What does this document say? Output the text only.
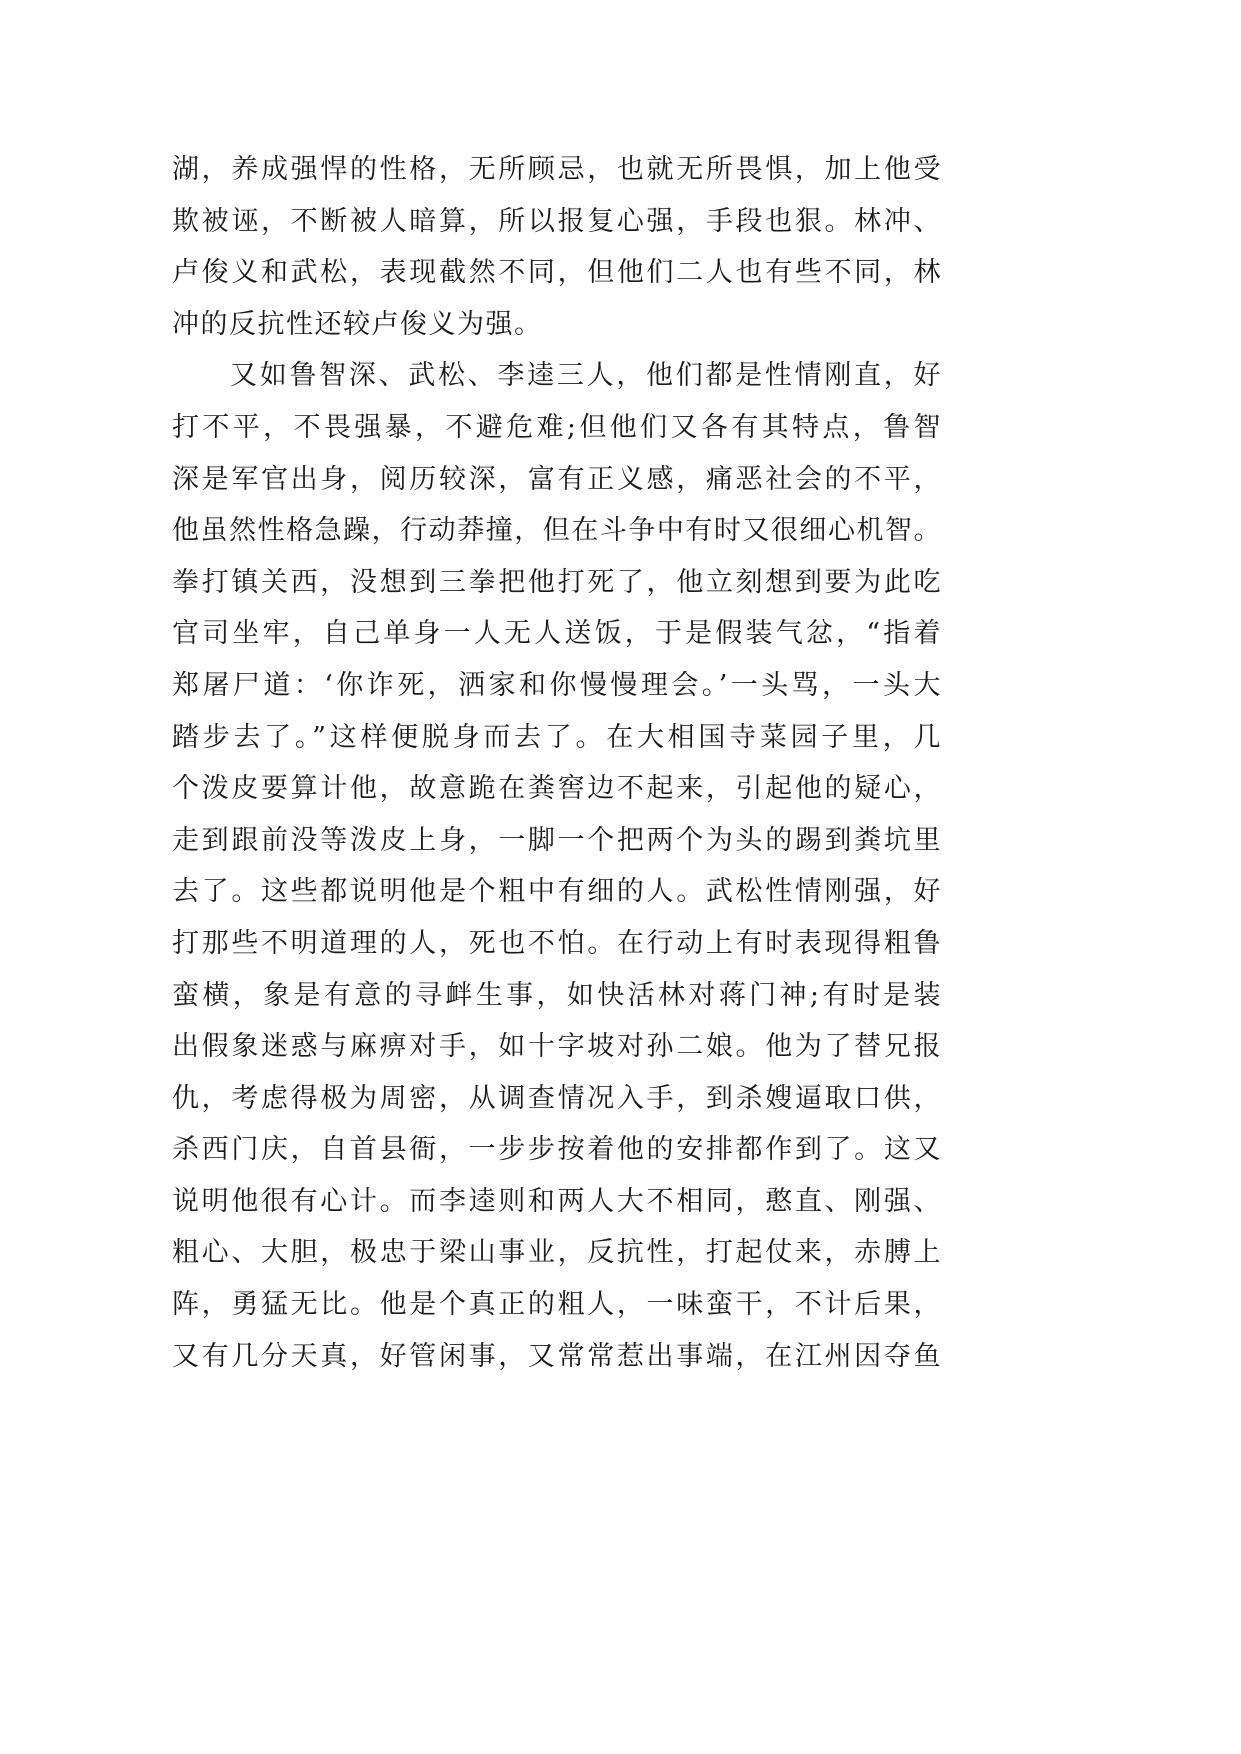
湖，养成强悍的性格，无所顾忌，也就无所畏惧，加上他受
欺被诬，不断被人暗算，所以报复心强，手段也狠。林冲、
卢俊义和武松，表现截然不同，但他们二人也有些不同，林
冲的反抗性还较卢俊义为强。
又如鲁智深、武松、李逵三人，他们都是性情刚直，好
打不平，不畏强暴，不避危难;但他们又各有其特点，鲁智
深是军官出身，阅历较深，富有正义感，痛恶社会的不平，
他虽然性格急躁，行动莽撞，但在斗争中有时又很细心机智。
拳打镇关西，没想到三拳把他打死了，他立刻想到要为此吃
官司坐牢，自己单身一人无人送饭，于是假装气忿，“指着
郑屠尸道：‘你诈死，洒家和你慢慢理会。’一头骂，一头大
踏步去了。”这样便脱身而去了。在大相国寺菜园子里，几
个泼皮要算计他，故意跪在粪窖边不起来，引起他的疑心，
走到跟前没等泼皮上身，一脚一个把两个为头的踢到粪坑里
去了。这些都说明他是个粗中有细的人。武松性情刚强，好
打那些不明道理的人，死也不怕。在行动上有时表现得粗鲁
蛮横，象是有意的寻衅生事，如快活林对蒋门神;有时是装
出假象迷惑与麻痹对手，如十字坡对孙二娘。他为了替兄报
仇，考虑得极为周密，从调查情况入手，到杀嫂逼取口供，
杀西门庆，自首县衙，一步步按着他的安排都作到了。这又
说明他很有心计。而李逵则和两人大不相同，憨直、刚强、
粗心、大胆，极忠于梁山事业，反抗性，打起仗来，赤膊上
阵，勇猛无比。他是个真正的粗人，一味蛮干，不计后果，
又有几分天真，好管闲事，又常常惹出事端，在江州因夺鱼
